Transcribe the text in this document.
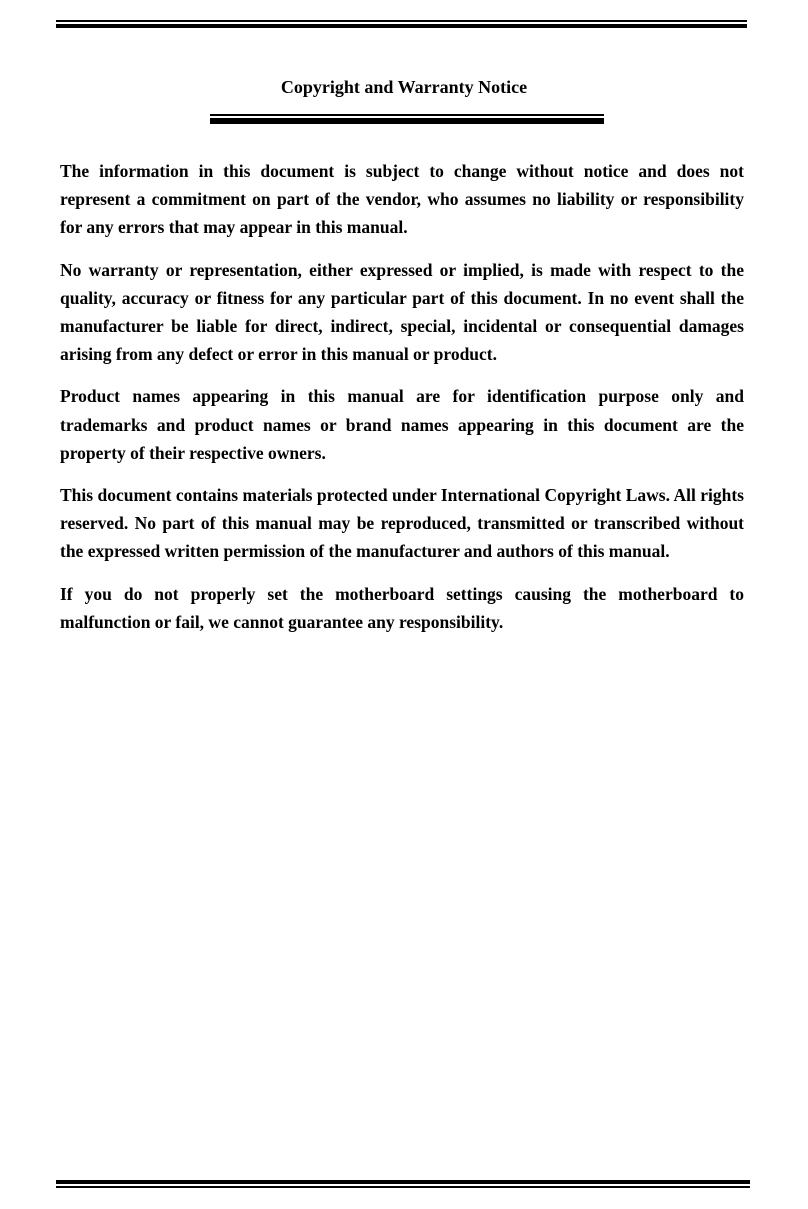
Copyright and Warranty Notice

The information in this document is subject to change without notice and does not represent a commitment on part of the vendor, who assumes no liability or responsibility for any errors that may appear in this manual.

No warranty or representation, either expressed or implied, is made with respect to the quality, accuracy or fitness for any particular part of this document. In no event shall the manufacturer be liable for direct, indirect, special, incidental or consequential damages arising from any defect or error in this manual or product.

Product names appearing in this manual are for identification purpose only and trademarks and product names or brand names appearing in this document are the property of their respective owners.

This document contains materials protected under International Copyright Laws. All rights reserved. No part of this manual may be reproduced, transmitted or transcribed without the expressed written permission of the manufacturer and authors of this manual.

If you do not properly set the motherboard settings causing the motherboard to malfunction or fail, we cannot guarantee any responsibility.
